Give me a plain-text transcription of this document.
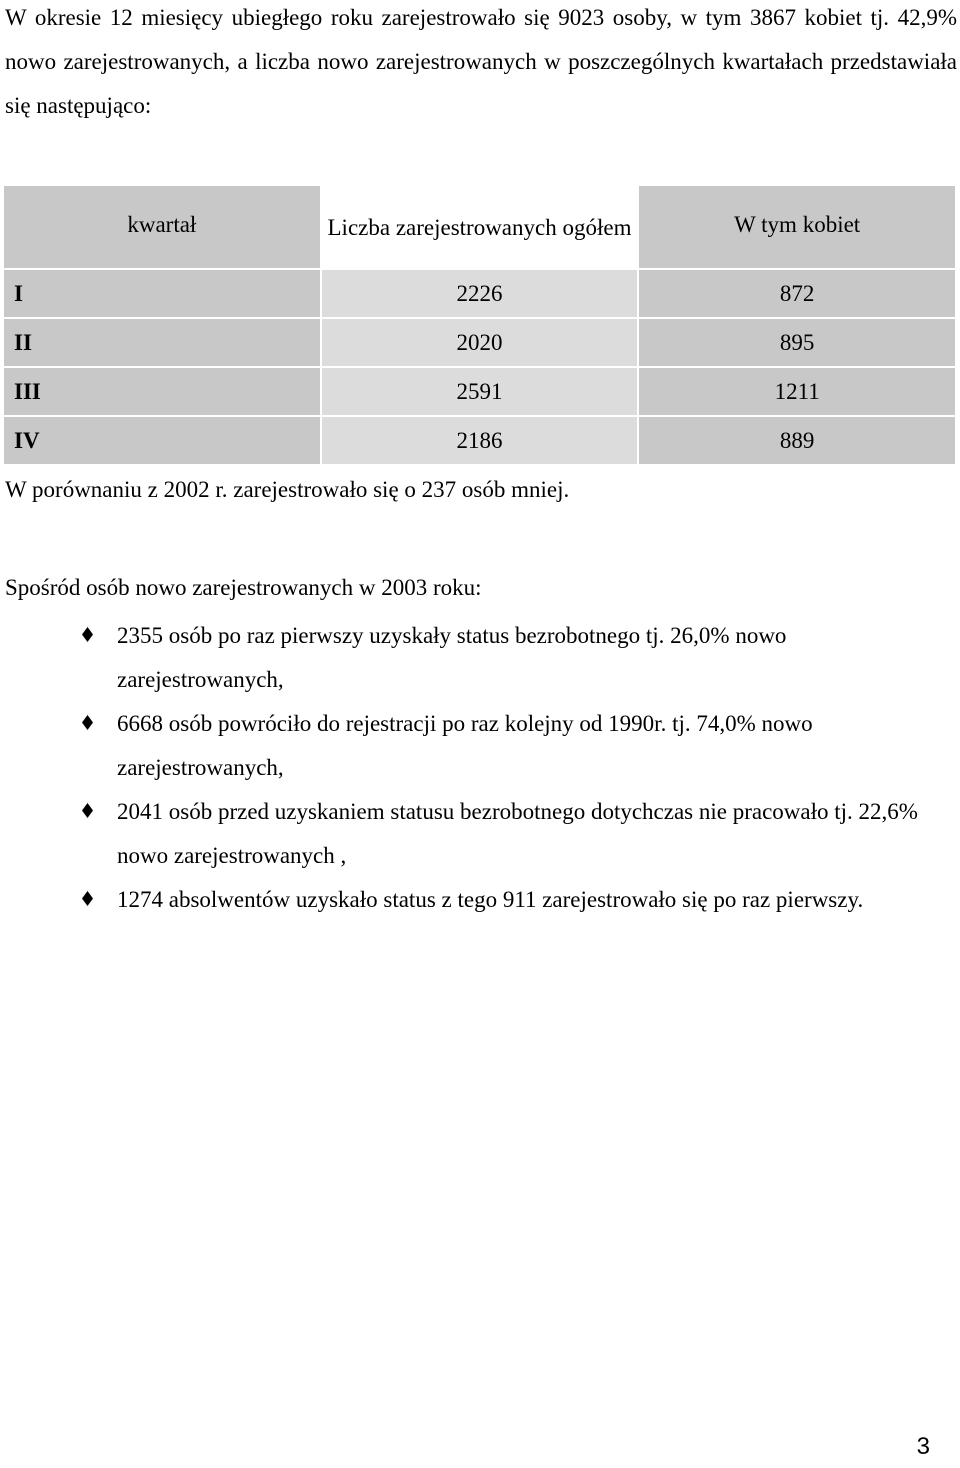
W okresie 12 miesięcy ubiegłego roku zarejestrowało się 9023 osoby, w tym 3867 kobiet tj. 42,9% nowo zarejestrowanych, a liczba nowo zarejestrowanych w poszczególnych kwartałach przedstawiała się następująco:

kwartał	Liczba zarejestrowanych ogółem	W tym kobiet
I	2226	872
II	2020	895
III	2591	1211
IV	2186	889

W porównaniu z 2002 r. zarejestrowało się o 237 osób mniej.

Spośród osób nowo zarejestrowanych w 2003 roku:

2355 osób po raz pierwszy uzyskały status bezrobotnego tj. 26,0% nowo zarejestrowanych,
6668 osób powróciło do rejestracji po raz kolejny od 1990r. tj. 74,0% nowo zarejestrowanych,
2041 osób przed uzyskaniem statusu bezrobotnego dotychczas nie pracowało tj. 22,6% nowo zarejestrowanych ,
1274 absolwentów uzyskało status z tego 911 zarejestrowało się po raz pierwszy.
3
